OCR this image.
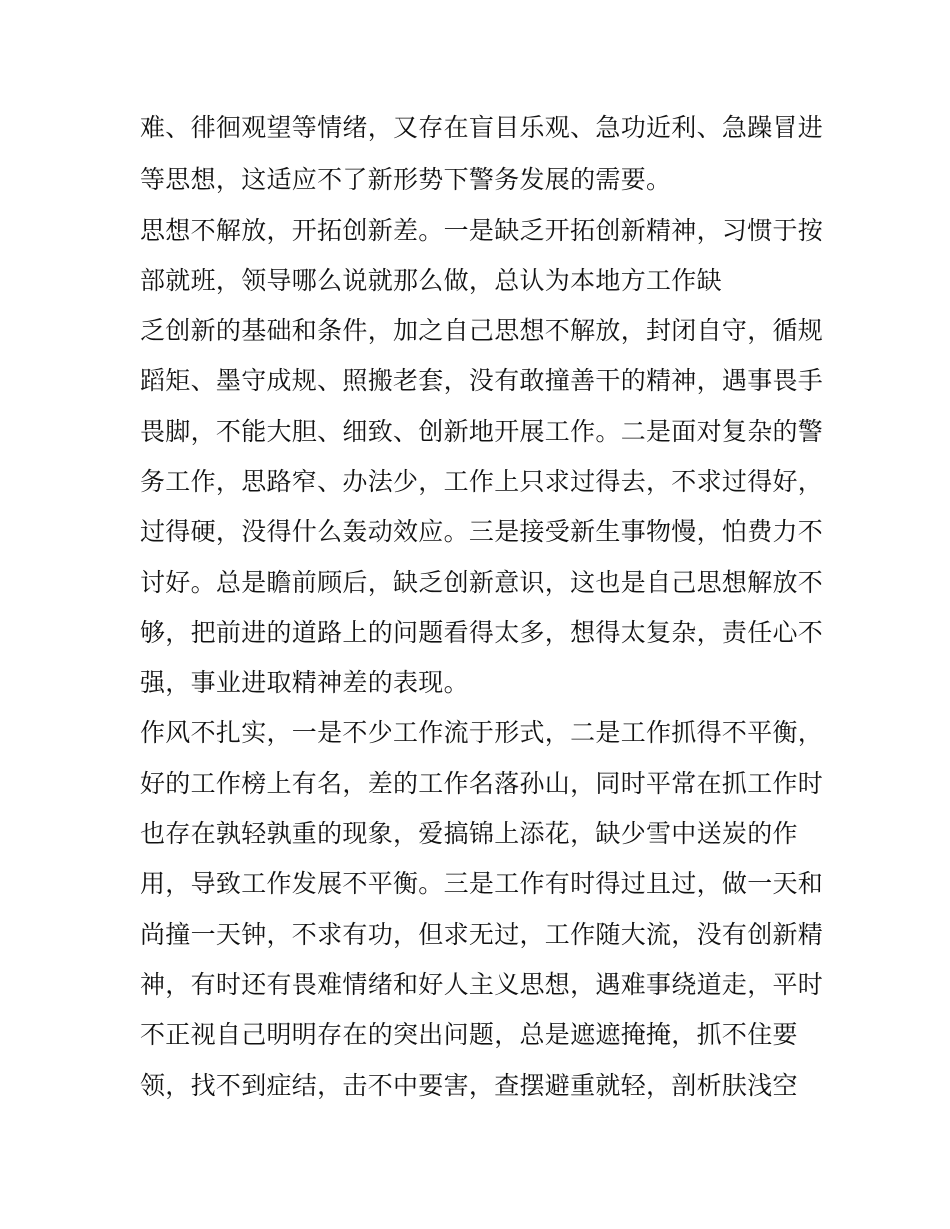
难、徘徊观望等情绪，又存在盲目乐观、急功近利、急躁冒进
等思想，这适应不了新形势下警务发展的需要。
思想不解放，开拓创新差。一是缺乏开拓创新精神，习惯于按
部就班，领导哪么说就那么做，总认为本地方工作缺
乏创新的基础和条件，加之自己思想不解放，封闭自守，循规
蹈矩、墨守成规、照搬老套，没有敢撞善干的精神，遇事畏手
畏脚，不能大胆、细致、创新地开展工作。二是面对复杂的警
务工作，思路窄、办法少，工作上只求过得去，不求过得好，
过得硬，没得什么轰动效应。三是接受新生事物慢，怕费力不
讨好。总是瞻前顾后，缺乏创新意识，这也是自己思想解放不
够，把前进的道路上的问题看得太多，想得太复杂，责任心不
强，事业进取精神差的表现。
作风不扎实，一是不少工作流于形式，二是工作抓得不平衡，
好的工作榜上有名，差的工作名落孙山，同时平常在抓工作时
也存在孰轻孰重的现象，爱搞锦上添花，缺少雪中送炭的作
用，导致工作发展不平衡。三是工作有时得过且过，做一天和
尚撞一天钟，不求有功，但求无过，工作随大流，没有创新精
神，有时还有畏难情绪和好人主义思想，遇难事绕道走，平时
不正视自己明明存在的突出问题，总是遮遮掩掩，抓不住要
领，找不到症结，击不中要害，查摆避重就轻，剖析肤浅空
